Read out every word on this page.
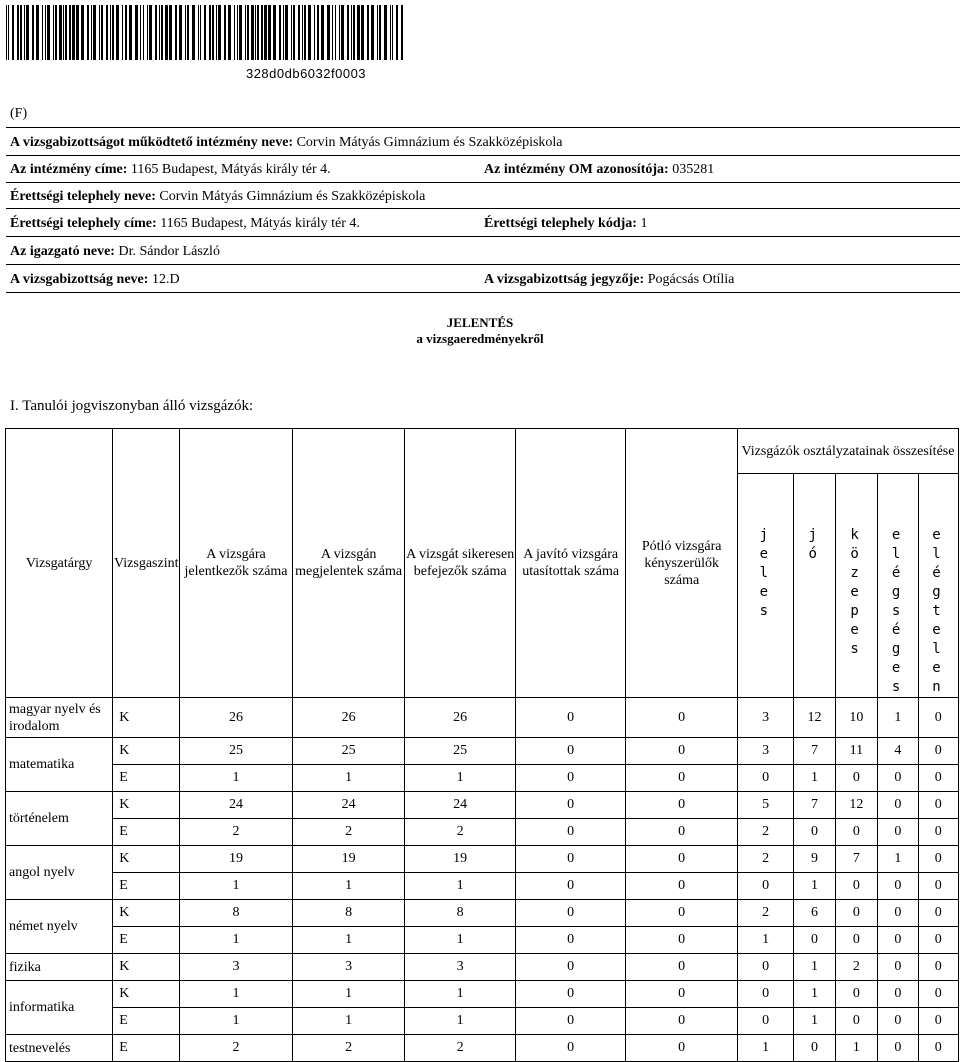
328d0db6032f0003
(F)
A vizsgabizottságot működtető intézmény neve: Corvin Mátyás Gimnázium és Szakközépiskola
Az intézmény címe: 1165 Budapest, Mátyás király tér 4.	Az intézmény OM azonosítója: 035281
Érettségi telephely neve: Corvin Mátyás Gimnázium és Szakközépiskola
Érettségi telephely címe: 1165 Budapest, Mátyás király tér 4.	Érettségi telephely kódja: 1
Az igazgató neve: Dr. Sándor László
A vizsgabizottság neve: 12.D	A vizsgabizottság jegyzője: Pogácsás Otília
JELENTÉS
a vizsgaeredményekről
I. Tanulói jogviszonyban álló vizsgázók:
Vizsgatárgy	Vizsgaszint	A vizsgára jelentkezők száma	A vizsgán megjelentek száma	A vizsgát sikeresen befejezők száma	A javító vizsgára utasítottak száma	Pótló vizsgára kényszerülők száma	Vizsgázók osztályzatainak összesítése				
							jeles	jó	közepes	elégséges	elégtelen
magyar nyelv és irodalom	K	26	26	26	0	0	3	12	10	1	0
matematika	K	25	25	25	0	0	3	7	11	4	0
	E	1	1	1	0	0	0	1	0	0	0
történelem	K	24	24	24	0	0	5	7	12	0	0
	E	2	2	2	0	0	2	0	0	0	0
angol nyelv	K	19	19	19	0	0	2	9	7	1	0
	E	1	1	1	0	0	0	1	0	0	0
német nyelv	K	8	8	8	0	0	2	6	0	0	0
	E	1	1	1	0	0	1	0	0	0	0
fizika	K	3	3	3	0	0	0	1	2	0	0
informatika	K	1	1	1	0	0	0	1	0	0	0
	E	1	1	1	0	0	0	1	0	0	0
testnevelés	E	2	2	2	0	0	1	0	1	0	0
